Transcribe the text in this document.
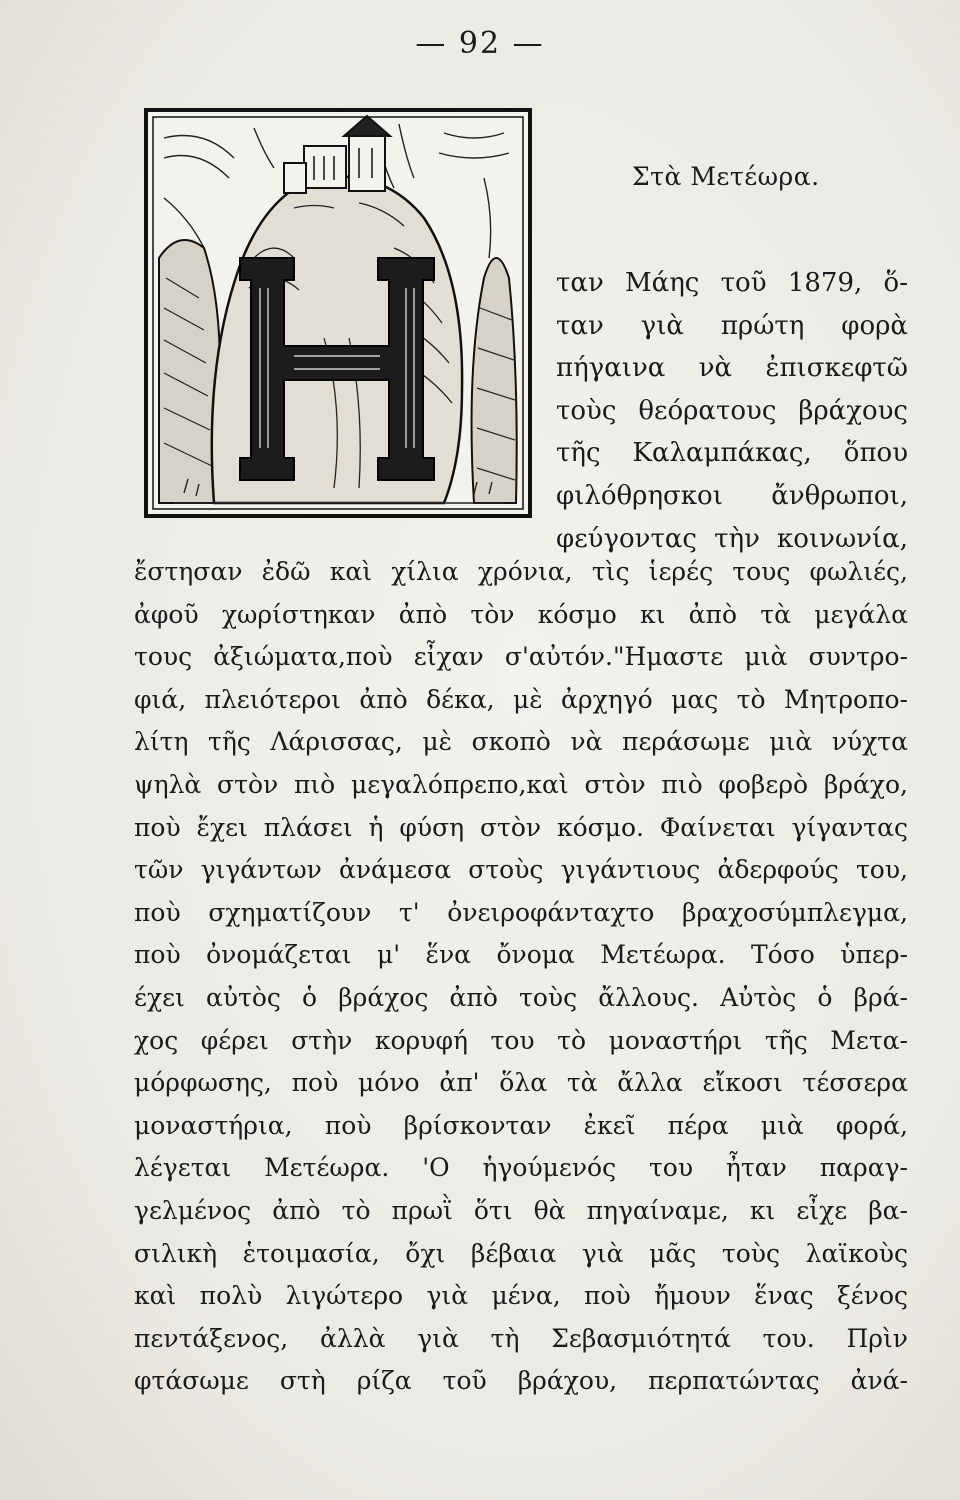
— 92 —
Στὰ Μετέωρα.
ταν Μάης τοῦ 1879, ὅ-
ταν γιὰ πρώτη φορὰ
πήγαινα νὰ ἐπισκεφτῶ
τοὺς θεόρατους βράχους
τῆς Καλαμπάκας, ὅπου
φιλόθρησκοι ἄνθρωποι,
φεύγοντας τὴν κοινωνία,
ἔστησαν ἐδῶ καὶ χίλια χρόνια, τὶς ἱερές τους φωλιές,
ἀφοῦ χωρίστηκαν ἀπὸ τὸν κόσμο κι ἀπὸ τὰ μεγάλα
τους ἀξιώματα,ποὺ εἶχαν σ'αὐτόν."Ημαστε μιὰ συντρο-
φιά, πλειότεροι ἀπὸ δέκα, μὲ ἀρχηγό μας τὸ Μητροπο-
λίτη τῆς Λάρισσας, μὲ σκοπὸ νὰ περάσωμε μιὰ νύχτα
ψηλὰ στὸν πιὸ μεγαλόπρεπο,καὶ στὸν πιὸ φοβερὸ βράχο,
ποὺ ἔχει πλάσει ἡ φύση στὸν κόσμο. Φαίνεται γίγαντας
τῶν γιγάντων ἀνάμεσα στοὺς γιγάντιους ἀδερφούς του,
ποὺ σχηματίζουν τ' ὀνειροφάνταχτο βραχοσύμπλεγμα,
ποὺ ὀνομάζεται μ' ἕνα ὄνομα Μετέωρα. Τόσο ὑπερ-
έχει αὐτὸς ὁ βράχος ἀπὸ τοὺς ἄλλους. Αὐτὸς ὁ βρά-
χος φέρει στὴν κορυφή του τὸ μοναστήρι τῆς Μετα-
μόρφωσης, ποὺ μόνο ἀπ' ὅλα τὰ ἄλλα εἴκοσι τέσσερα
μοναστήρια, ποὺ βρίσκονταν ἐκεῖ πέρα μιὰ φορά,
λέγεται Μετέωρα. 'Ο ἡγούμενός του ἦταν παραγ-
γελμένος ἀπὸ τὸ πρωῒ ὅτι θὰ πηγαίναμε, κι εἶχε βα-
σιλικὴ ἑτοιμασία, ὄχι βέβαια γιὰ μᾶς τοὺς λαϊκοὺς
καὶ πολὺ λιγώτερο γιὰ μένα, ποὺ ἤμουν ἕνας ξένος
πεντάξενος, ἀλλὰ γιὰ τὴ Σεβασμιότητά του. Πρὶν
φτάσωμε στὴ ρίζα τοῦ βράχου, περπατώντας ἀνά-
